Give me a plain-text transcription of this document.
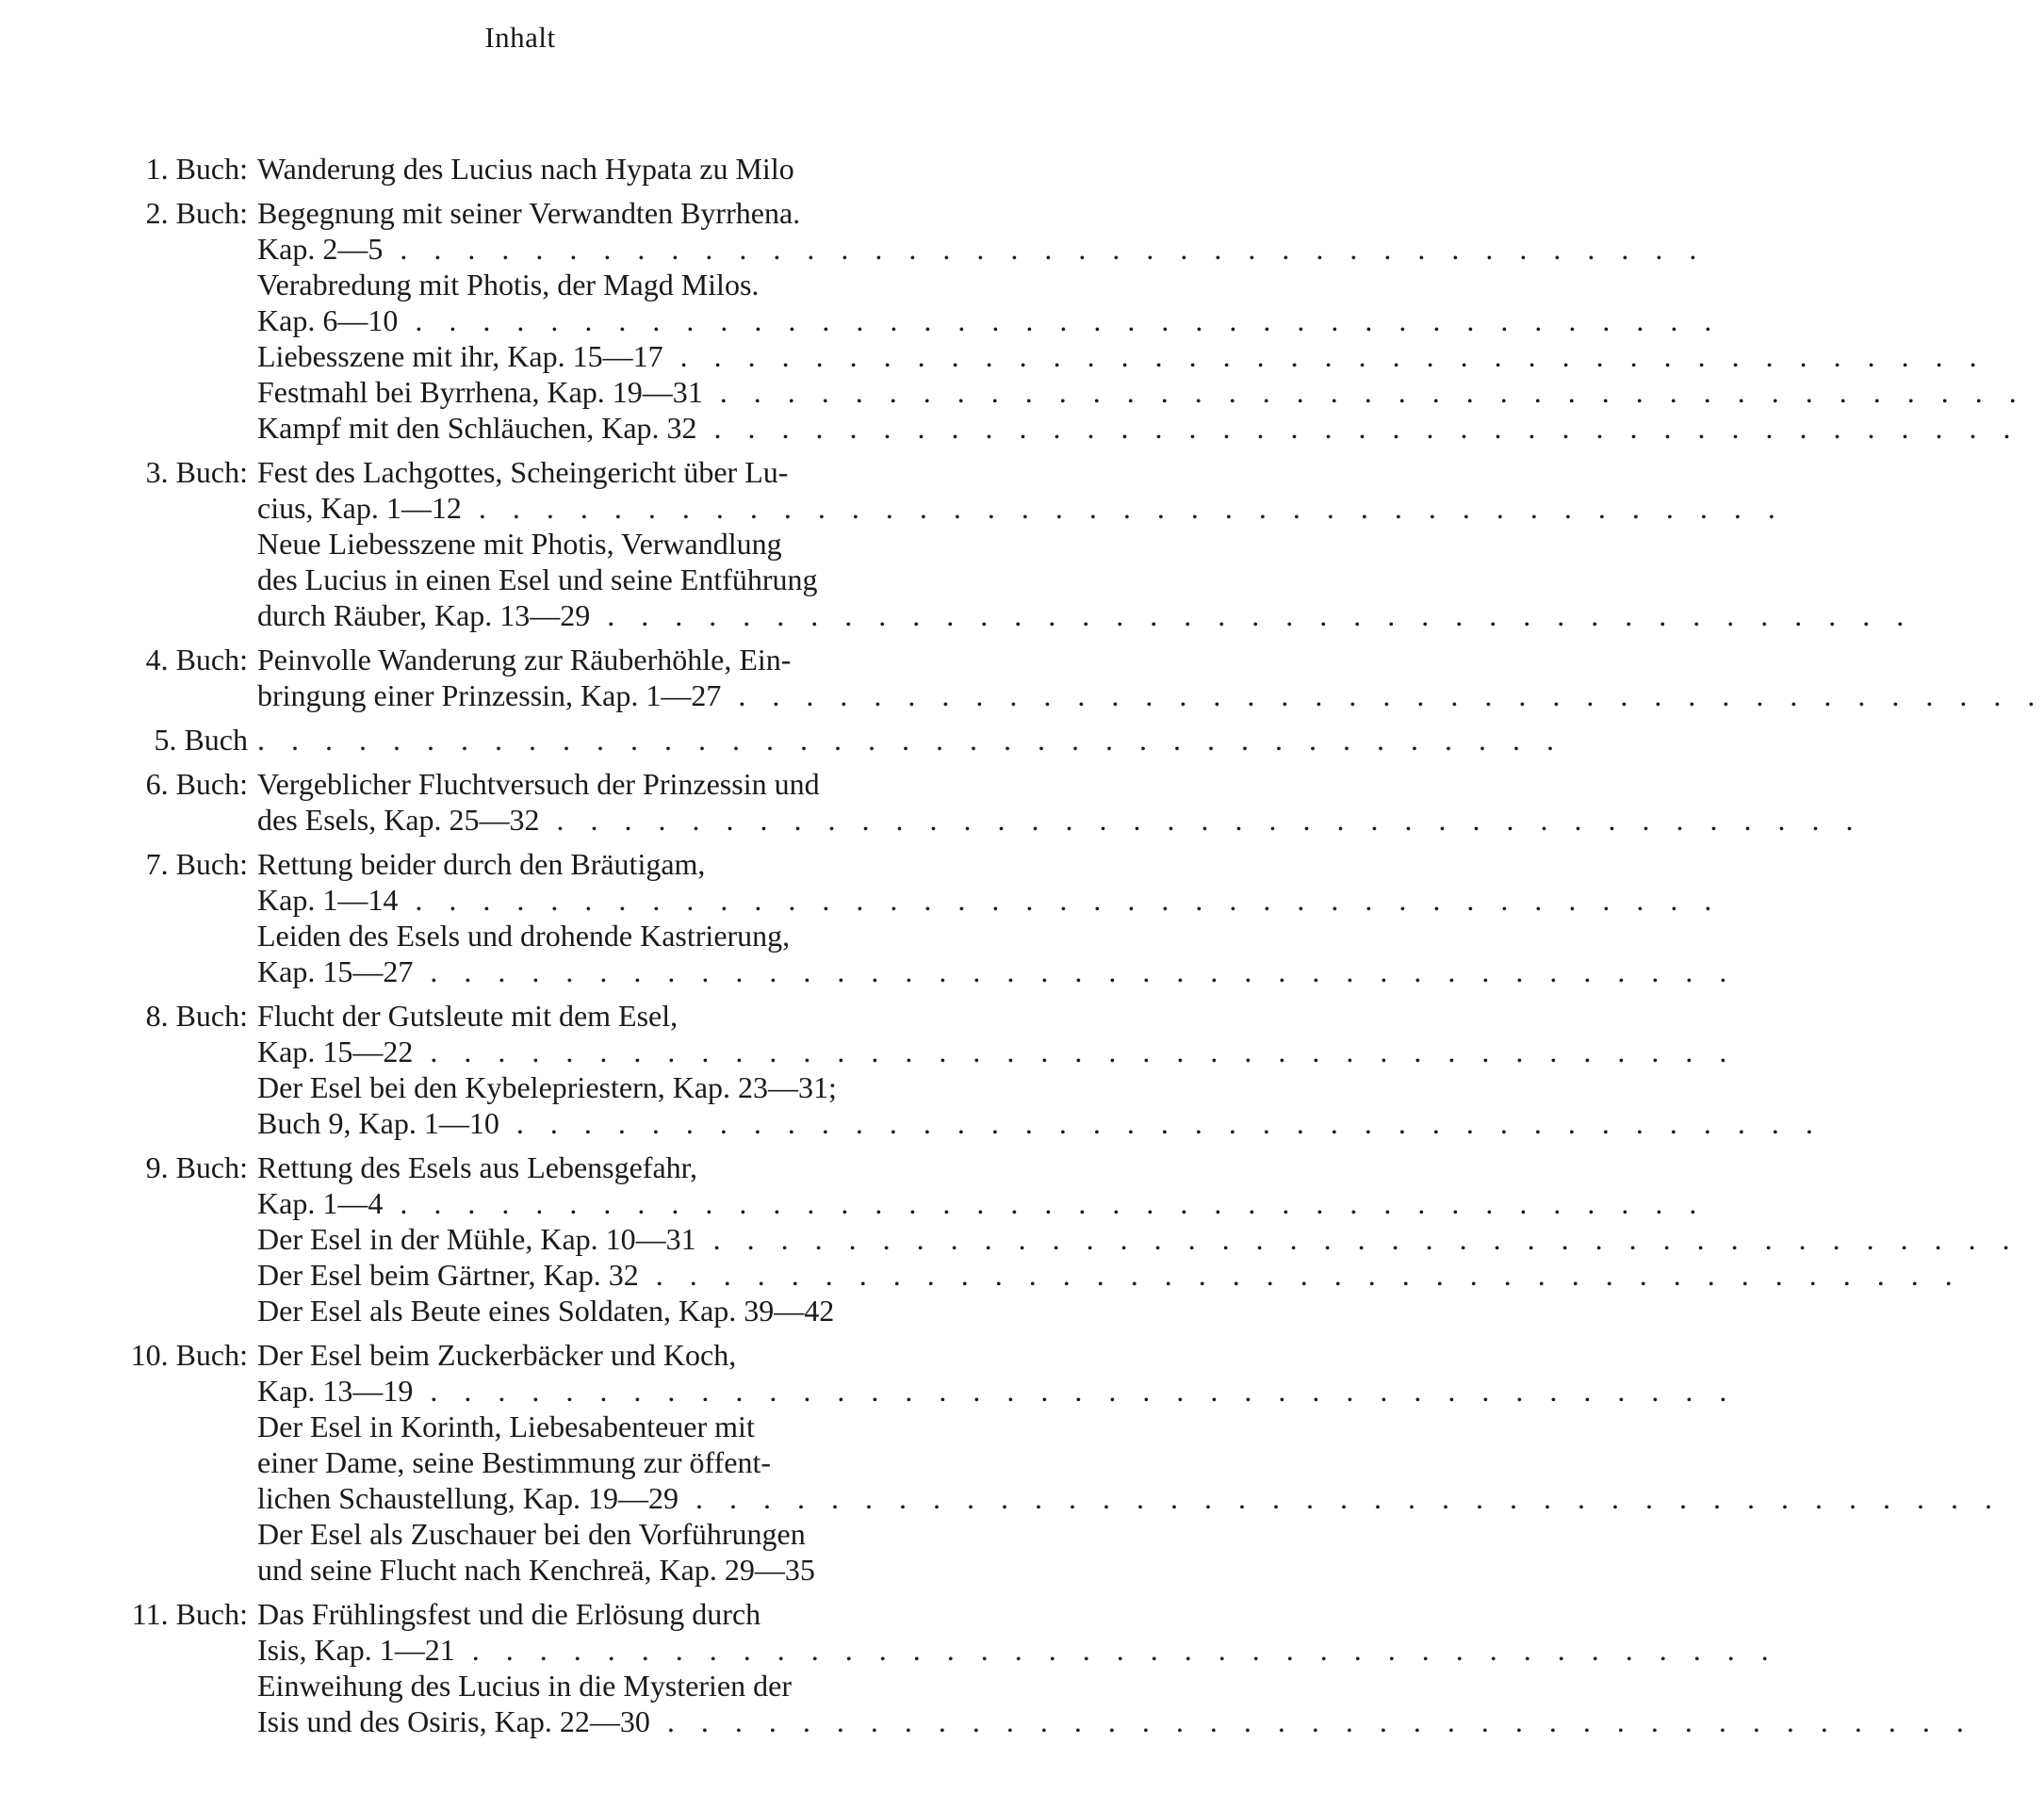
Inhalt
1. Buch: Wanderung des Lucius nach Hypata zu Milo
2. Buch: Begegnung mit seiner Verwandten Byrrhena.
Kap. 2—5 . . . . . . . . . . . . . . . . . . . . . . . . . . . . . . . . . . . . . . .
Verabredung mit Photis, der Magd Milos.
Kap. 6—10 . . . . . . . . . . . . . . . . . . . . . . . . . . . . . . . . . . . . . . .
Liebesszene mit ihr, Kap. 15—17 . . . . . . . . . . . . . . . . . . . . . . . . . . . . . . . . . . . . . . .
Festmahl bei Byrrhena, Kap. 19—31 . . . . . . . . . . . . . . . . . . . . . . . . . . . . . . . . . . . . . . .
Kampf mit den Schläuchen, Kap. 32 . . . . . . . . . . . . . . . . . . . . . . . . . . . . . . . . . . . . . . .
3. Buch: Fest des Lachgottes, Scheingericht über Lu-
cius, Kap. 1—12 . . . . . . . . . . . . . . . . . . . . . . . . . . . . . . . . . . . . . . .
Neue Liebesszene mit Photis, Verwandlung
des Lucius in einen Esel und seine Entführung
durch Räuber, Kap. 13—29 . . . . . . . . . . . . . . . . . . . . . . . . . . . . . . . . . . . . . . .
4. Buch: Peinvolle Wanderung zur Räuberhöhle, Ein-
bringung einer Prinzessin, Kap. 1—27 . . . . . . . . . . . . . . . . . . . . . . . . . . . . . . . . . . . . . . .
5. Buch . . . . . . . . . . . . . . . . . . . . . . . . . . . . . . . . . . . . . . .
6. Buch: Vergeblicher Fluchtversuch der Prinzessin und
des Esels, Kap. 25—32 . . . . . . . . . . . . . . . . . . . . . . . . . . . . . . . . . . . . . . .
7. Buch: Rettung beider durch den Bräutigam,
Kap. 1—14 . . . . . . . . . . . . . . . . . . . . . . . . . . . . . . . . . . . . . . .
Leiden des Esels und drohende Kastrierung,
Kap. 15—27 . . . . . . . . . . . . . . . . . . . . . . . . . . . . . . . . . . . . . . .
8. Buch: Flucht der Gutsleute mit dem Esel,
Kap. 15—22 . . . . . . . . . . . . . . . . . . . . . . . . . . . . . . . . . . . . . . .
Der Esel bei den Kybelepriestern, Kap. 23—31;
Buch 9, Kap. 1—10 . . . . . . . . . . . . . . . . . . . . . . . . . . . . . . . . . . . . . . .
9. Buch: Rettung des Esels aus Lebensgefahr,
Kap. 1—4 . . . . . . . . . . . . . . . . . . . . . . . . . . . . . . . . . . . . . . .
Der Esel in der Mühle, Kap. 10—31 . . . . . . . . . . . . . . . . . . . . . . . . . . . . . . . . . . . . . . .
Der Esel beim Gärtner, Kap. 32 . . . . . . . . . . . . . . . . . . . . . . . . . . . . . . . . . . . . . . .
Der Esel als Beute eines Soldaten, Kap. 39—42
10. Buch: Der Esel beim Zuckerbäcker und Koch,
Kap. 13—19 . . . . . . . . . . . . . . . . . . . . . . . . . . . . . . . . . . . . . . .
Der Esel in Korinth, Liebesabenteuer mit
einer Dame, seine Bestimmung zur öffent-
lichen Schaustellung, Kap. 19—29 . . . . . . . . . . . . . . . . . . . . . . . . . . . . . . . . . . . . . . .
Der Esel als Zuschauer bei den Vorführungen
und seine Flucht nach Kenchreä, Kap. 29—35
11. Buch: Das Frühlingsfest und die Erlösung durch
Isis, Kap. 1—21 . . . . . . . . . . . . . . . . . . . . . . . . . . . . . . . . . . . . . . .
Einweihung des Lucius in die Mysterien der
Isis und des Osiris, Kap. 22—30 . . . . . . . . . . . . . . . . . . . . . . . . . . . . . . . . . . . . . . .
